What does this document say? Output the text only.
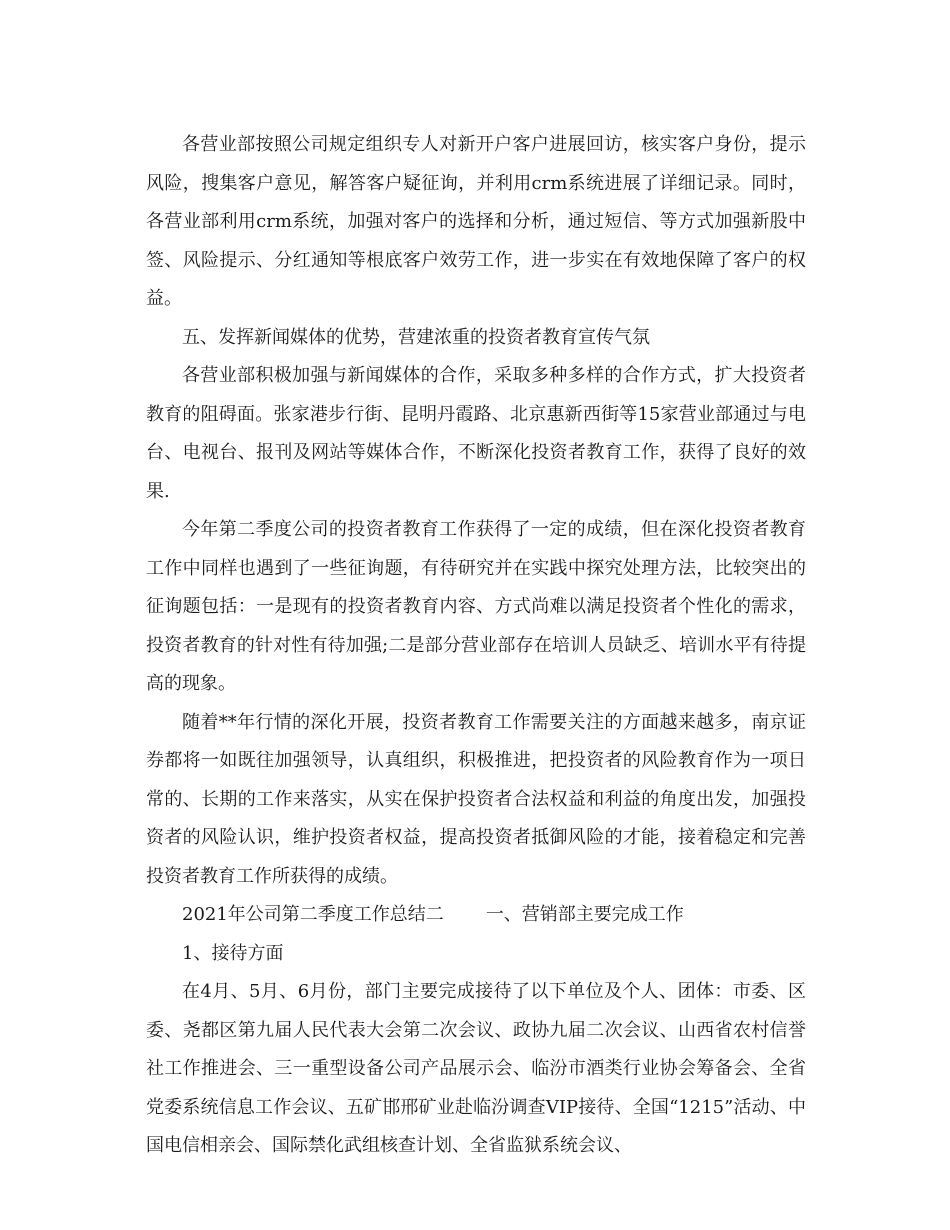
各营业部按照公司规定组织专人对新开户客户进展回访，核实客户身份，提示风险，搜集客户意见，解答客户疑征询，并利用crm系统进展了详细记录。同时，各营业部利用crm系统，加强对客户的选择和分析，通过短信、等方式加强新股中签、风险提示、分红通知等根底客户效劳工作，进一步实在有效地保障了客户的权益。

五、发挥新闻媒体的优势，营建浓重的投资者教育宣传气氛

各营业部积极加强与新闻媒体的合作，采取多种多样的合作方式，扩大投资者教育的阻碍面。张家港步行街、昆明丹霞路、北京惠新西街等15家营业部通过与电台、电视台、报刊及网站等媒体合作，不断深化投资者教育工作，获得了良好的效果.

今年第二季度公司的投资者教育工作获得了一定的成绩，但在深化投资者教育工作中同样也遇到了一些征询题，有待研究并在实践中探究处理方法，比较突出的征询题包括：一是现有的投资者教育内容、方式尚难以满足投资者个性化的需求，投资者教育的针对性有待加强;二是部分营业部存在培训人员缺乏、培训水平有待提高的现象。

随着**年行情的深化开展，投资者教育工作需要关注的方面越来越多，南京证券都将一如既往加强领导，认真组织，积极推进，把投资者的风险教育作为一项日常的、长期的工作来落实，从实在保护投资者合法权益和利益的角度出发，加强投资者的风险认识，维护投资者权益，提高投资者抵御风险的才能，接着稳定和完善投资者教育工作所获得的成绩。

2021年公司第二季度工作总结二 一、营销部主要完成工作

1、接待方面

在4月、5月、6月份，部门主要完成接待了以下单位及个人、团体：市委、区委、尧都区第九届人民代表大会第二次会议、政协九届二次会议、山西省农村信誉社工作推进会、三一重型设备公司产品展示会、临汾市酒类行业协会筹备会、全省党委系统信息工作会议、五矿邯邢矿业赴临汾调查VIP接待、全国“1215”活动、中国电信相亲会、国际禁化武组核查计划、全省监狱系统会议、
